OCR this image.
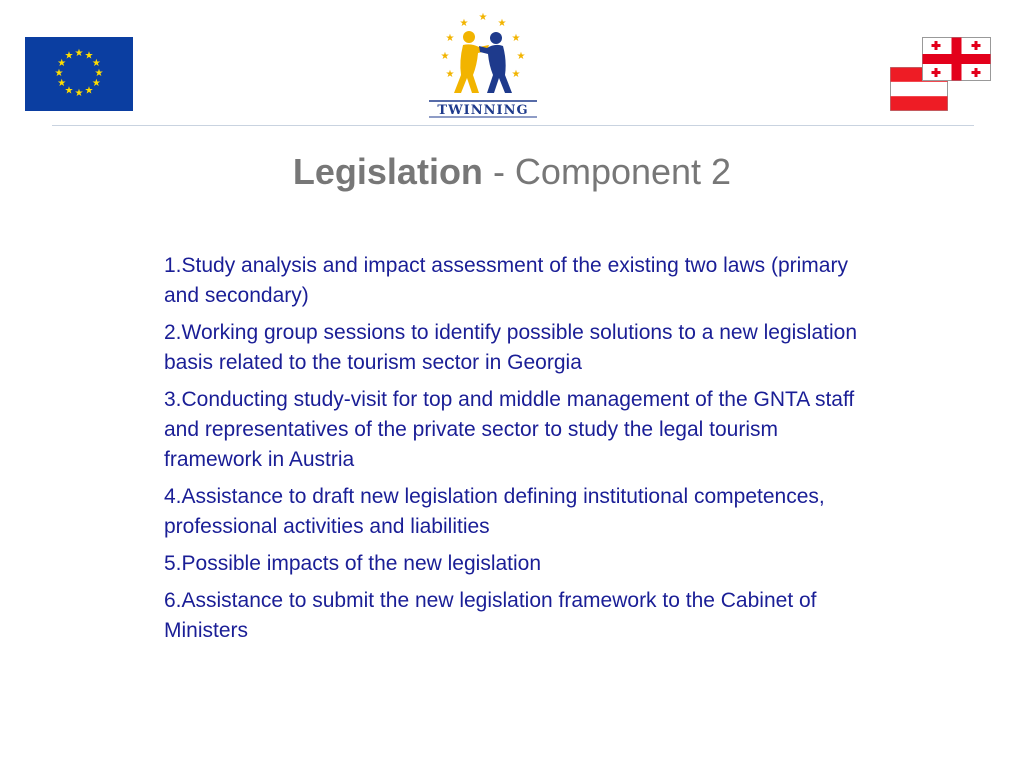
★ ★
★
★
★
★
★
★
★
★
★
★
★
★
★
★
★
★
★
★
★
TWINNING
Legislation - Component 2
1.Study analysis and impact assessment of the existing two laws (primary and secondary)
2.Working group sessions to identify possible solutions to a new legislation basis related to the tourism sector in Georgia
3.Conducting study-visit for top and middle management of the GNTA staff and representatives of the private sector to study the legal tourism framework in Austria
4.Assistance to draft new legislation defining institutional competences, professional activities and liabilities
5.Possible impacts of the new legislation
6.Assistance to submit the new legislation framework to the Cabinet of Ministers
